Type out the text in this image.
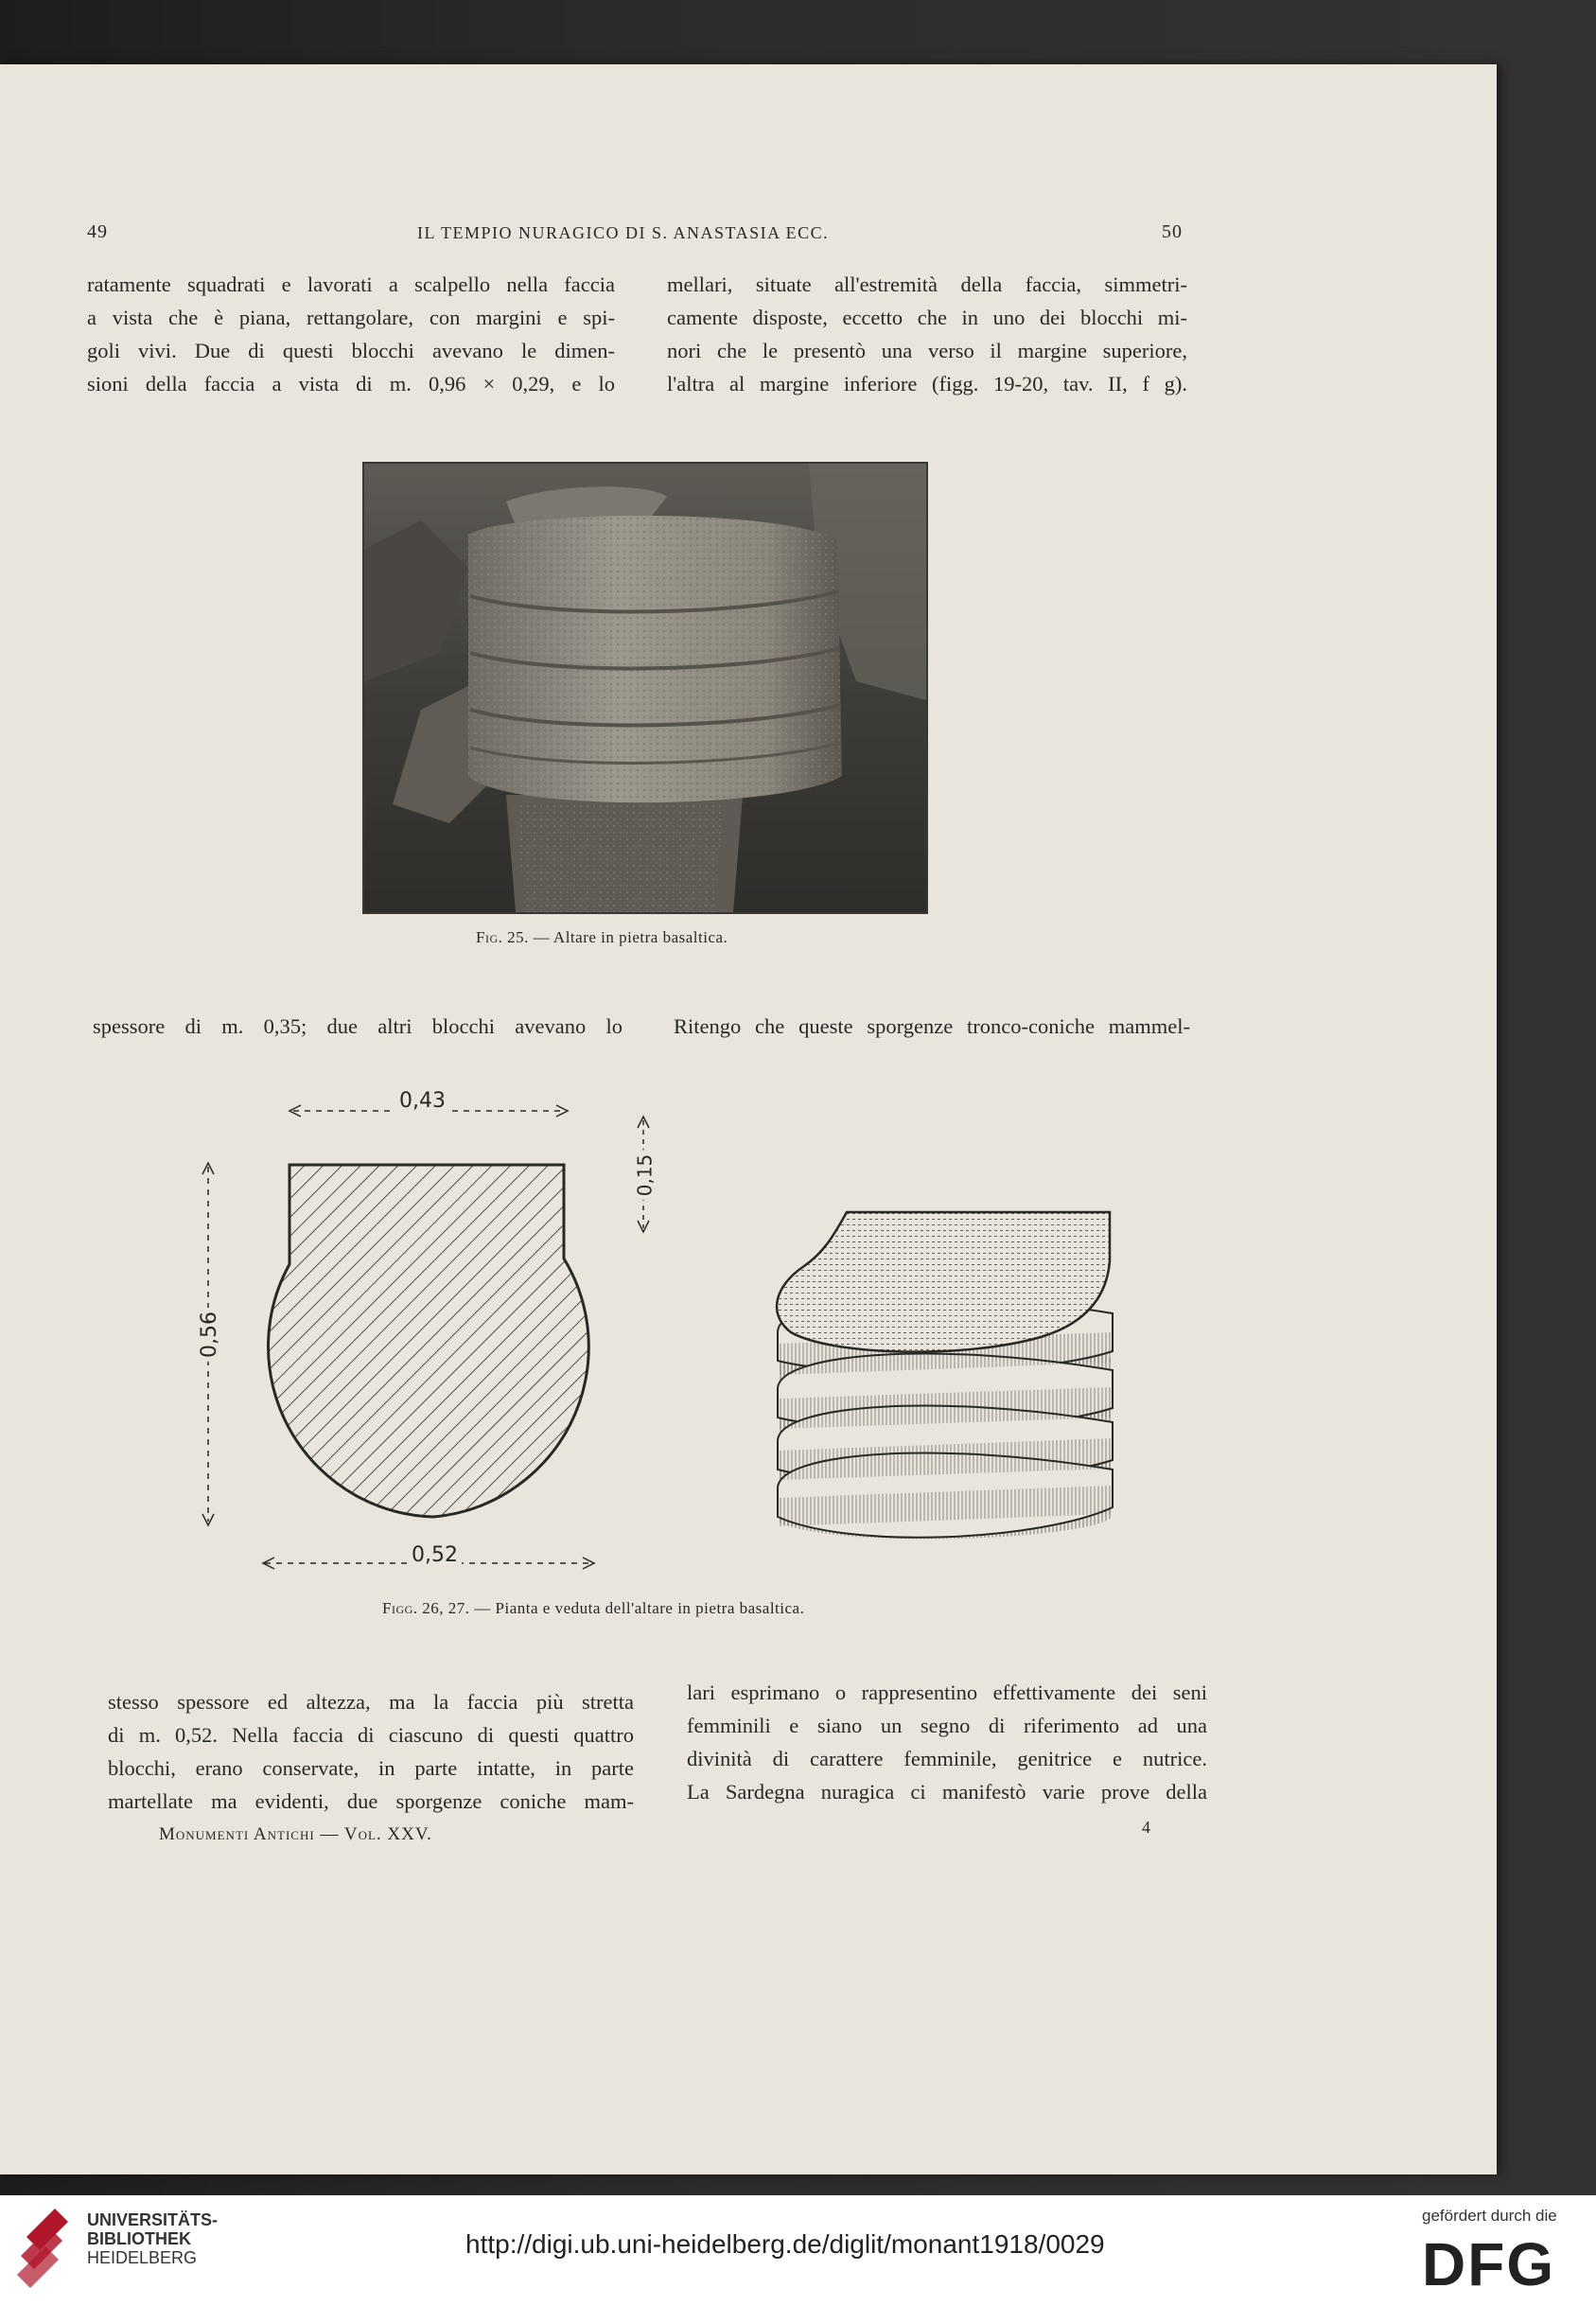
49	IL TEMPIO NURAGICO DI S. ANASTASIA ECC.	50
ratamente squadrati e lavorati a scalpello nella faccia
a vista che è piana, rettangolare, con margini e spi-
goli vivi. Due di questi blocchi avevano le dimen-
sioni della faccia a vista di m. 0,96 × 0,29, e lo
mellari, situate all'estremità della faccia, simmetri-
camente disposte, eccetto che in uno dei blocchi mi-
nori che le presentò una verso il margine superiore,
l'altra al margine inferiore (figg. 19-20, tav. II, f g).
Fig. 25. — Altare in pietra basaltica.
spessore di m. 0,35; due altri blocchi avevano lo Ritengo che queste sporgenze tronco-coniche mammel-
0,43
0,56
0,15
0,52
Figg. 26, 27. — Pianta e veduta dell'altare in pietra basaltica.
stesso spessore ed altezza, ma la faccia più stretta
di m. 0,52. Nella faccia di ciascuno di questi quattro
blocchi, erano conservate, in parte intatte, in parte
martellate ma evidenti, due sporgenze coniche mam-
lari esprimano o rappresentino effettivamente dei seni
femminili e siano un segno di riferimento ad una
divinità di carattere femminile, genitrice e nutrice.
La Sardegna nuragica ci manifestò varie prove della
Monumenti Antichi — Vol. XXV.	4
UNIVERSITÄTS-
BIBLIOTHEK
HEIDELBERG	http://digi.ub.uni-heidelberg.de/diglit/monant1918/0029
gefördert durch die
DFG
